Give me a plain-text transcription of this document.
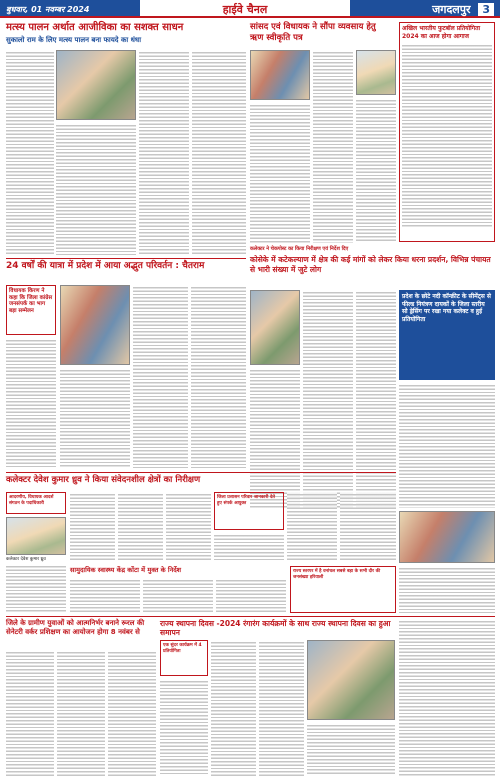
बुधवार, 01 नवम्बर 2024	हाईवे चैनल	जगदलपुर 3
मत्स्य पालन अर्थात आजीविका का सशक्त साधन
सुकालो राम के लिए मत्स्य पालन बना फायदे का धंधा
सांसद एवं विधायक ने सौंपा व्यवसाय हेतु ऋण स्वीकृति पत्र
अखिल भारतीय फुटबॉल प्रतियोगिता 2024 का आज होगा आगाज
24 वर्षों की यात्रा में प्रदेश में आया अद्भुत परिवर्तन : चैतराम
विधायक किरण ने कहा कि जिला कांग्रेस जनसंपर्क का भाग बड़ा सम्मेलन
कलेक्टर ने चेकपोस्ट का किया निरीक्षण एवं निर्देश दिए
कोसेके में कटेकल्याण में क्षेत्र की कई मांगों को लेकर किया धरना प्रदर्शन, विभिन्न पंचायत से भारी संख्या में जुटे लोग
प्रदेश के छोटे नदी कॉन्क्रीट के सीमेंट्स से फील्ड नियंत्रण दायकों के जिला स्तरीय सो ड्रेसिंग पर रखा गया कलेक्ट व हुई प्रतियोगिता
कलेक्टर देवेश कुमार ध्रुव ने किया संवेदनशील क्षेत्रों का निरीक्षण
आदरणीय, विधायक आदर्श संगठन के पदाधिकारी
कलेक्टर देवेश कुमार ध्रुव
जिला प्रशासन परिवार जानकारी देते हुए संपर्क आयुक्त
सामुदायिक स्वास्थ्य केंद्र कोंटा में मुक्त के निर्देश	राज्य स्तरपर में है वनांचल सबसे बड़ा के सभी दौर की जनसंख्या हरियाली
जिले के ग्रामीण युवाओं को आत्मनिर्भर बनाने रूरल की सेनेटरी वर्कर प्रशिक्षण का आयोजन होगा 8 नवंबर से
राज्य स्थापना दिवस -2024 रंगारंग कार्यक्रमों के साथ राज्य स्थापना दिवस का हुआ समापन
एक सुंदर कार्यक्रम में 4 प्रतियोगिता
